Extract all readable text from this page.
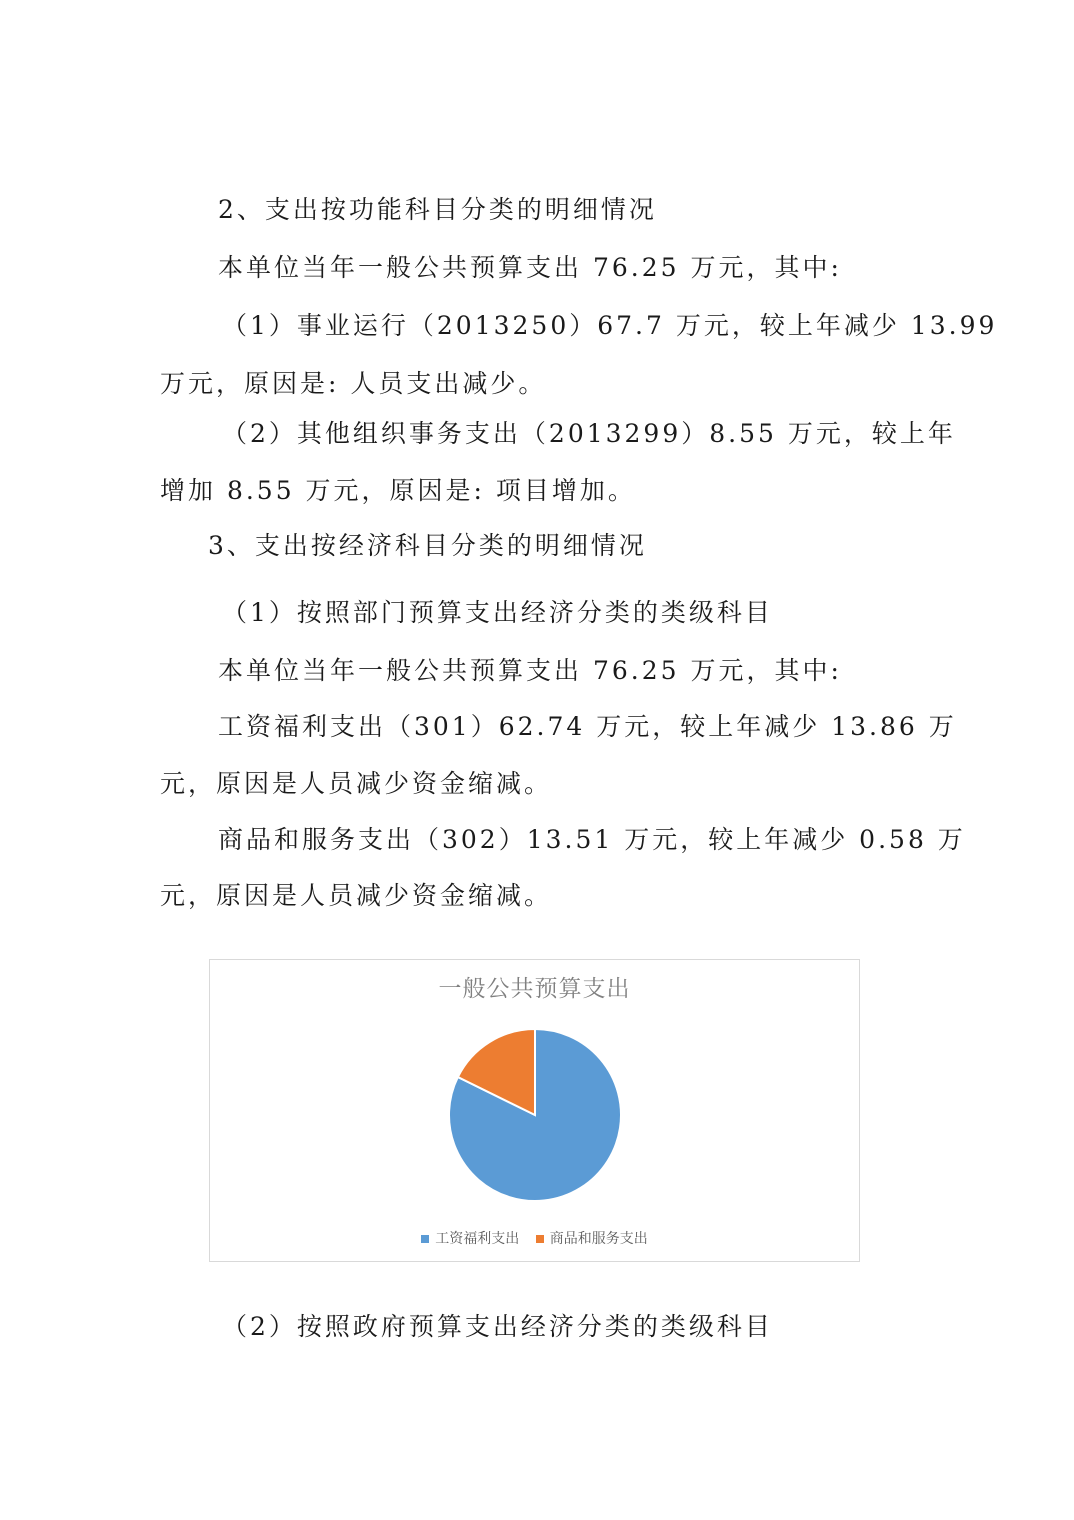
2、支出按功能科目分类的明细情况
本单位当年一般公共预算支出 76.25 万元，其中:
（1）事业运行（2013250）67.7 万元，较上年减少 13.99
万元，原因是: 人员支出减少。
（2）其他组织事务支出（2013299）8.55 万元，较上年
增加 8.55 万元，原因是: 项目增加。
3、支出按经济科目分类的明细情况
（1）按照部门预算支出经济分类的类级科目
本单位当年一般公共预算支出 76.25 万元，其中:
工资福利支出（301）62.74 万元，较上年减少 13.86 万
元，原因是人员减少资金缩减。
商品和服务支出（302）13.51 万元，较上年减少 0.58 万
元，原因是人员减少资金缩减。
一般公共预算支出
工资福利支出 商品和服务支出
（2）按照政府预算支出经济分类的类级科目
